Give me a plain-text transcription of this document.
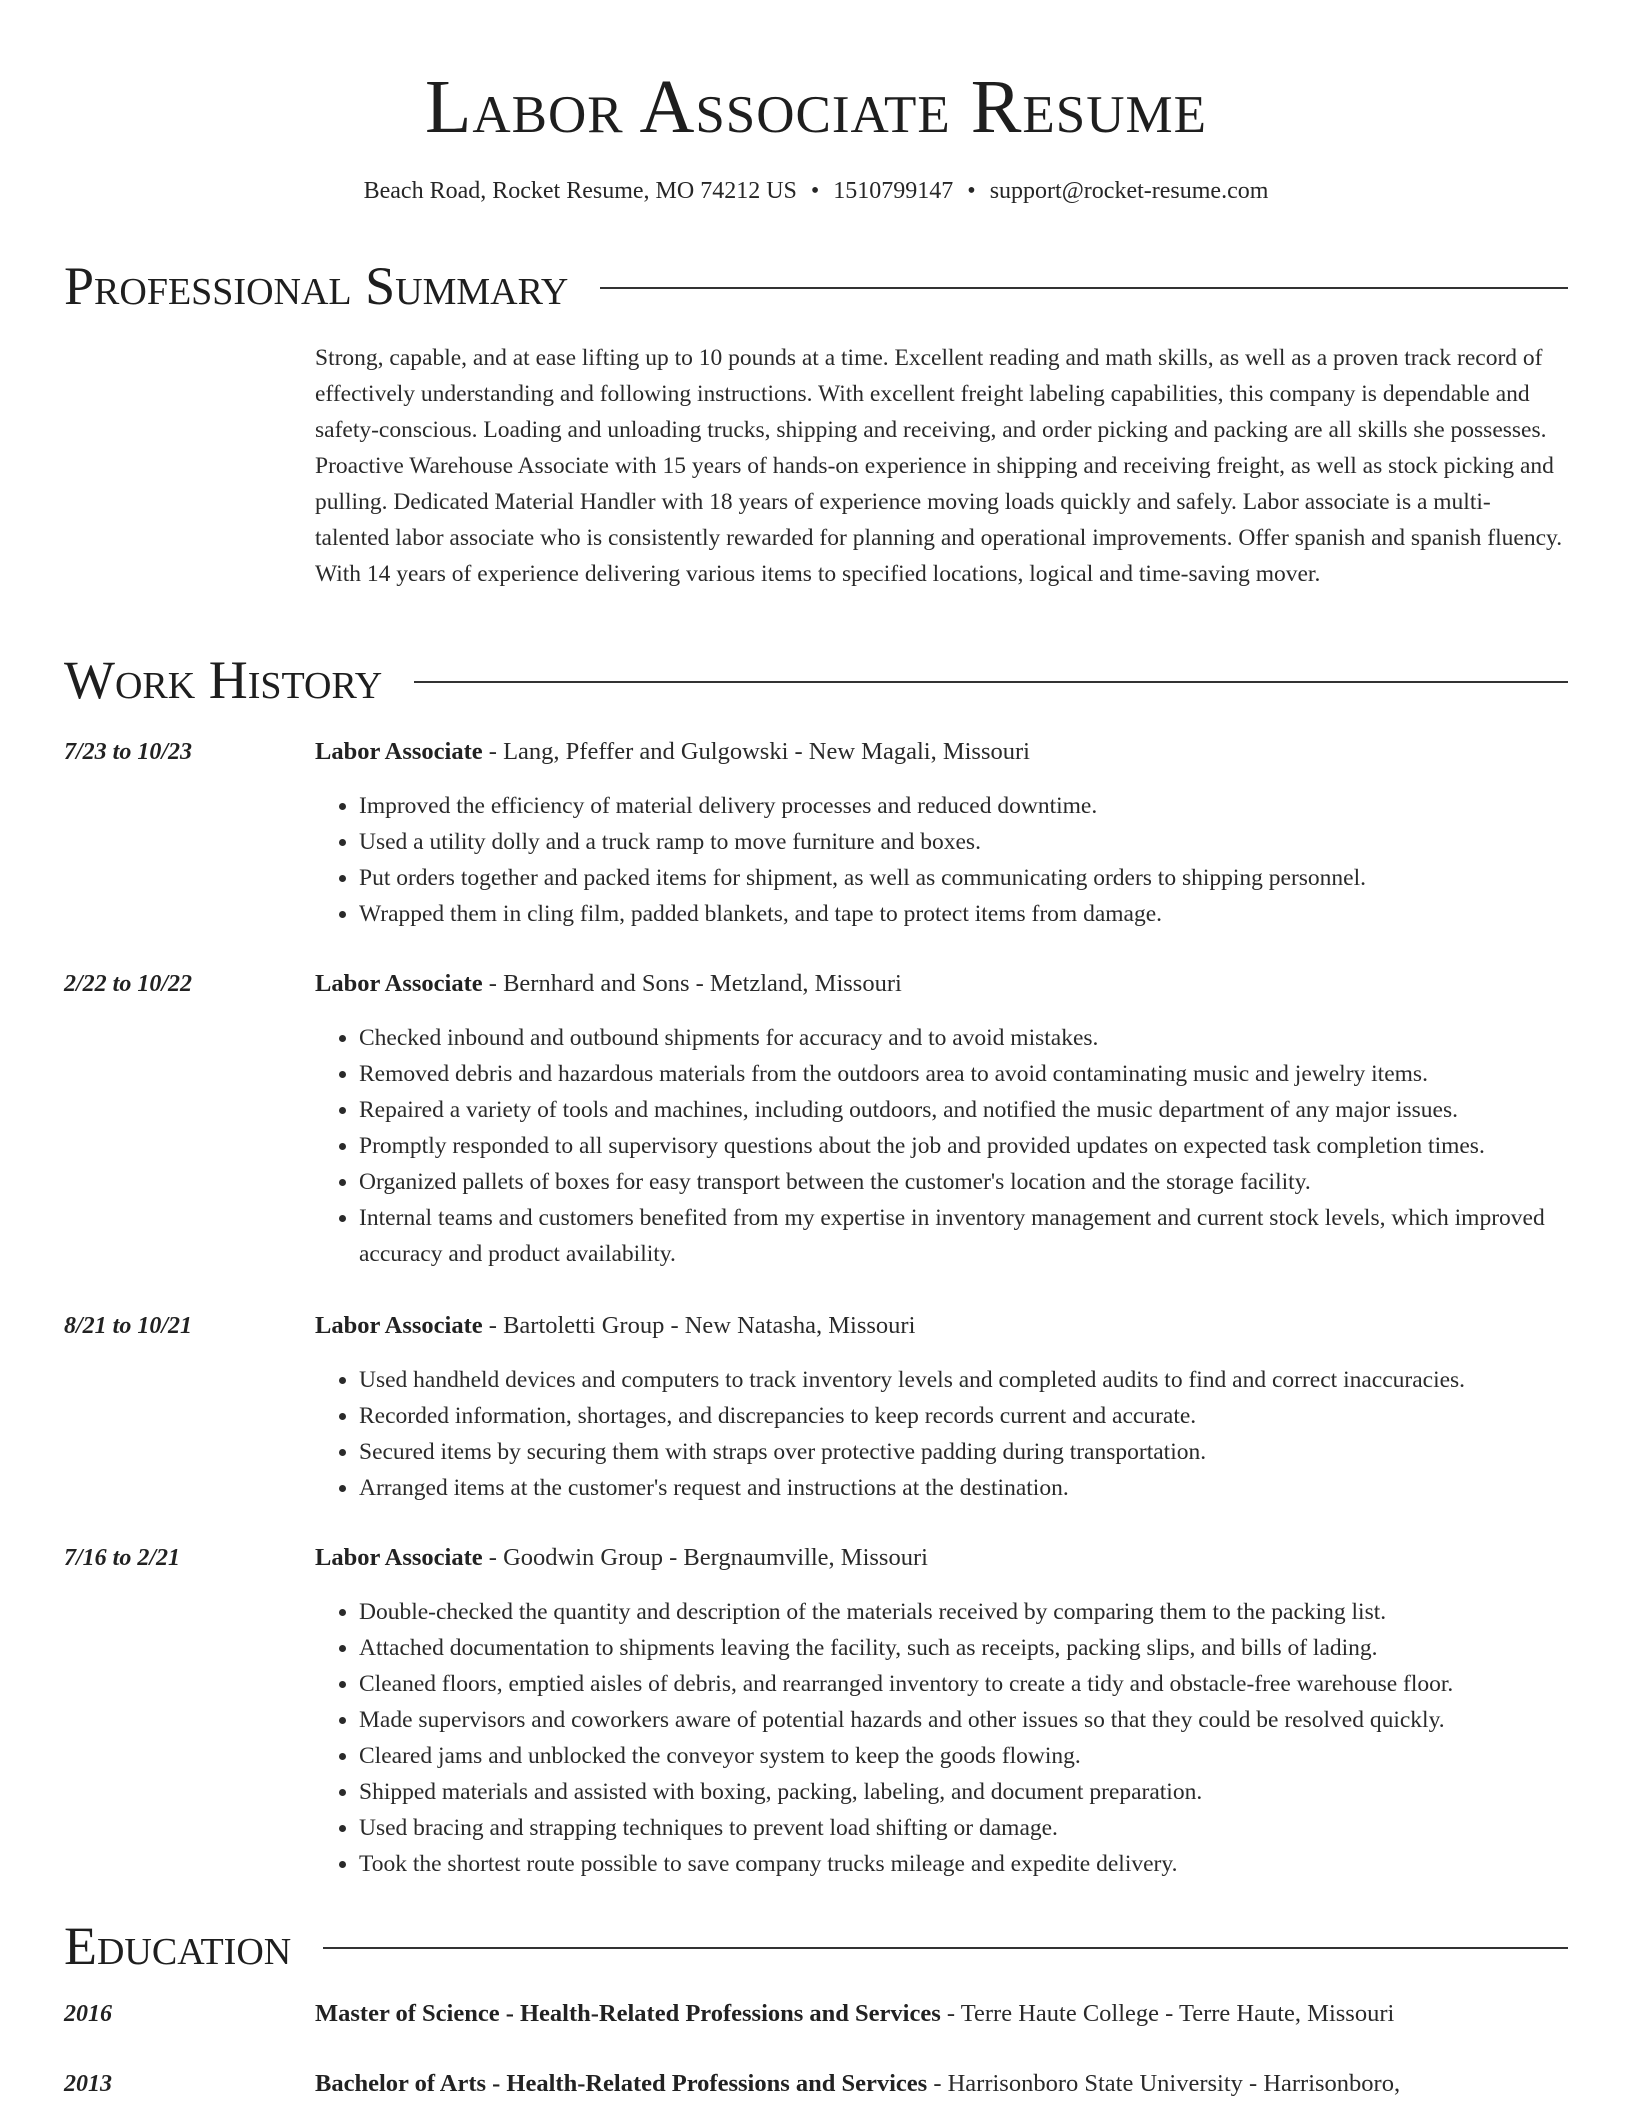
Labor Associate Resume
Beach Road, Rocket Resume, MO 74212 US • 1510799147 • support@rocket-resume.com
Professional Summary

Strong, capable, and at ease lifting up to 10 pounds at a time. Excellent reading and math skills, as well as a proven track record of effectively understanding and following instructions. With excellent freight labeling capabilities, this company is dependable and safety-conscious. Loading and unloading trucks, shipping and receiving, and order picking and packing are all skills she possesses. Proactive Warehouse Associate with 15 years of hands-on experience in shipping and receiving freight, as well as stock picking and pulling. Dedicated Material Handler with 18 years of experience moving loads quickly and safely. Labor associate is a multi-talented labor associate who is consistently rewarded for planning and operational improvements. Offer spanish and spanish fluency. With 14 years of experience delivering various items to specified locations, logical and time-saving mover.

Work History
7/23 to 10/23	Labor Associate - Lang, Pfeffer and Gulgowski - New Magali, Missouri
• Improved the efficiency of material delivery processes and reduced downtime.
• Used a utility dolly and a truck ramp to move furniture and boxes.
• Put orders together and packed items for shipment, as well as communicating orders to shipping personnel.
• Wrapped them in cling film, padded blankets, and tape to protect items from damage.
2/22 to 10/22	Labor Associate - Bernhard and Sons - Metzland, Missouri
• Checked inbound and outbound shipments for accuracy and to avoid mistakes.
• Removed debris and hazardous materials from the outdoors area to avoid contaminating music and jewelry items.
• Repaired a variety of tools and machines, including outdoors, and notified the music department of any major issues.
• Promptly responded to all supervisory questions about the job and provided updates on expected task completion times.
• Organized pallets of boxes for easy transport between the customer's location and the storage facility.
• Internal teams and customers benefited from my expertise in inventory management and current stock levels, which improved accuracy and product availability.
8/21 to 10/21	Labor Associate - Bartoletti Group - New Natasha, Missouri
• Used handheld devices and computers to track inventory levels and completed audits to find and correct inaccuracies.
• Recorded information, shortages, and discrepancies to keep records current and accurate.
• Secured items by securing them with straps over protective padding during transportation.
• Arranged items at the customer's request and instructions at the destination.
7/16 to 2/21	Labor Associate - Goodwin Group - Bergnaumville, Missouri
• Double-checked the quantity and description of the materials received by comparing them to the packing list.
• Attached documentation to shipments leaving the facility, such as receipts, packing slips, and bills of lading.
• Cleaned floors, emptied aisles of debris, and rearranged inventory to create a tidy and obstacle-free warehouse floor.
• Made supervisors and coworkers aware of potential hazards and other issues so that they could be resolved quickly.
• Cleared jams and unblocked the conveyor system to keep the goods flowing.
• Shipped materials and assisted with boxing, packing, labeling, and document preparation.
• Used bracing and strapping techniques to prevent load shifting or damage.
• Took the shortest route possible to save company trucks mileage and expedite delivery.
Education
2016	Master of Science - Health-Related Professions and Services - Terre Haute College - Terre Haute, Missouri
2013	Bachelor of Arts - Health-Related Professions and Services - Harrisonboro State University - Harrisonboro,
